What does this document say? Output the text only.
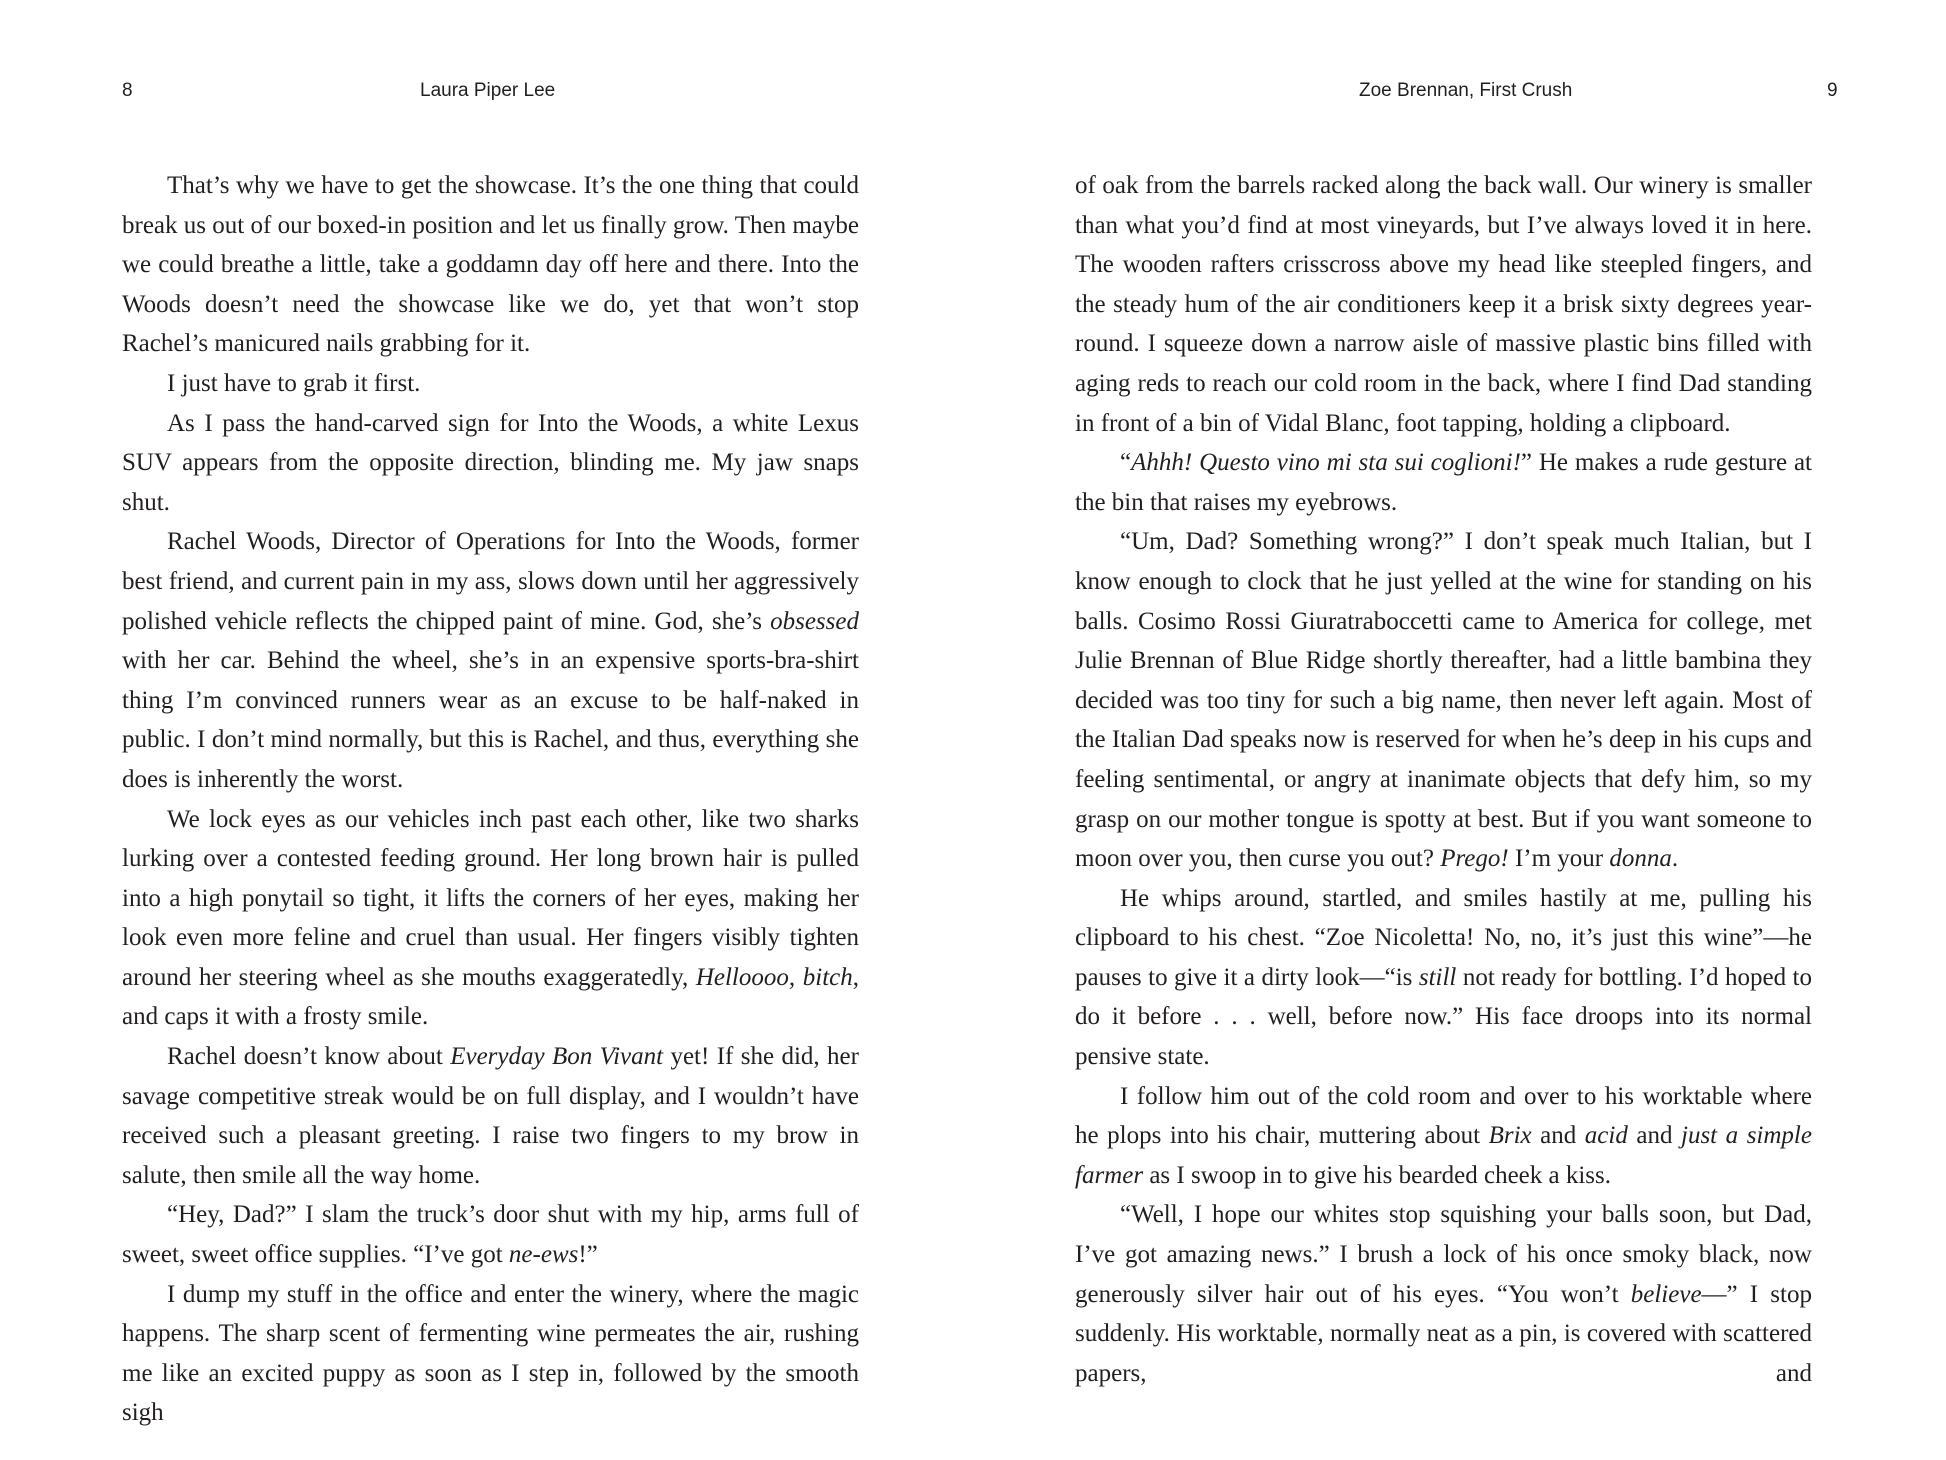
8	Laura Piper Lee

That’s why we have to get the showcase. It’s the one thing that could break us out of our boxed-in position and let us finally grow. Then maybe we could breathe a little, take a goddamn day off here and there. Into the Woods doesn’t need the showcase like we do, yet that won’t stop Rachel’s manicured nails grabbing for it.

I just have to grab it first.

As I pass the hand-carved sign for Into the Woods, a white Lexus SUV appears from the opposite direction, blinding me. My jaw snaps shut.

Rachel Woods, Director of Operations for Into the Woods, former best friend, and current pain in my ass, slows down until her aggressively polished vehicle reflects the chipped paint of mine. God, she’s obsessed with her car. Behind the wheel, she’s in an expensive sports-bra-shirt thing I’m convinced runners wear as an excuse to be half-naked in public. I don’t mind normally, but this is Rachel, and thus, everything she does is inherently the worst.

We lock eyes as our vehicles inch past each other, like two sharks lurking over a contested feeding ground. Her long brown hair is pulled into a high ponytail so tight, it lifts the corners of her eyes, making her look even more feline and cruel than usual. Her fingers visibly tighten around her steering wheel as she mouths exaggeratedly, Helloooo, bitch, and caps it with a frosty smile.

Rachel doesn’t know about Everyday Bon Vivant yet! If she did, her savage competitive streak would be on full display, and I wouldn’t have received such a pleasant greeting. I raise two fingers to my brow in salute, then smile all the way home.

“Hey, Dad?” I slam the truck’s door shut with my hip, arms full of sweet, sweet office supplies. “I’ve got ne-ews!”

I dump my stuff in the office and enter the winery, where the magic happens. The sharp scent of fermenting wine permeates the air, rushing me like an excited puppy as soon as I step in, followed by the smooth sigh

Zoe Brennan, First Crush	9

of oak from the barrels racked along the back wall. Our winery is smaller than what you’d find at most vineyards, but I’ve always loved it in here. The wooden rafters crisscross above my head like steepled fingers, and the steady hum of the air conditioners keep it a brisk sixty degrees year-round. I squeeze down a narrow aisle of massive plastic bins filled with aging reds to reach our cold room in the back, where I find Dad standing in front of a bin of Vidal Blanc, foot tapping, holding a clipboard.

“Ahhh! Questo vino mi sta sui coglioni!” He makes a rude gesture at the bin that raises my eyebrows.

“Um, Dad? Something wrong?” I don’t speak much Italian, but I know enough to clock that he just yelled at the wine for standing on his balls. Cosimo Rossi Giuratraboccetti came to America for college, met Julie Brennan of Blue Ridge shortly thereafter, had a little bambina they decided was too tiny for such a big name, then never left again. Most of the Italian Dad speaks now is reserved for when he’s deep in his cups and feeling sentimental, or angry at inanimate objects that defy him, so my grasp on our mother tongue is spotty at best. But if you want someone to moon over you, then curse you out? Prego! I’m your donna.

He whips around, startled, and smiles hastily at me, pulling his clipboard to his chest. “Zoe Nicoletta! No, no, it’s just this wine”—he pauses to give it a dirty look—“is still not ready for bottling. I’d hoped to do it before . . . well, before now.” His face droops into its normal pensive state.

I follow him out of the cold room and over to his worktable where he plops into his chair, muttering about Brix and acid and just a simple farmer as I swoop in to give his bearded cheek a kiss.

“Well, I hope our whites stop squishing your balls soon, but Dad, I’ve got amazing news.” I brush a lock of his once smoky black, now generously silver hair out of his eyes. “You won’t believe—” I stop suddenly. His worktable, normally neat as a pin, is covered with scattered papers, and
